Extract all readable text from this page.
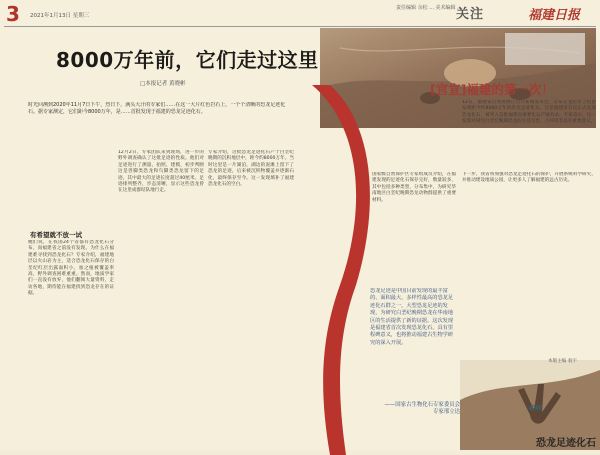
3 2021年1月13日 星期三
责任编辑 余松 ... 美术编辑 ...
关注	福建日报
8000万年前，它们走过这里
□本报记者 黄晓彬
时光回溯到2020年11月7日下午，烈日下，满头大汗的专家们……在这一大片红色岩石上，一个个清晰的恐龙足迹化石。据专家测定，它们距今8000万年，是……首批发现于福建的恐龙足迹化石。
有希望就不放一试
她们说，在我国24个省都有恐龙化石分布，而福建省之前没有发现。为什么在福建难寻找到恐龙化石？专家介绍，福建地层以火山岩为主，适合恐龙化石保存的白垩纪红层出露面积小，加之植被覆盖率高，野外调查困难重重。然而，地质学家们一直没有放弃，他们翻阅大量资料，走访各地，期待能在福建找到恐龙存在的证据。
12月2日，专家团队来到现场，进一步的野外调查确认了这批足迹的性质。他们对足迹进行了测量、拍照、建模，初步判断这是兽脚类恐龙和鸟脚类恐龙留下的足迹，其中最大的足迹长度超过40厘米。足迹排列整齐，步态清晰，显示这些恐龙曾在这里成群结队地行走。
专家介绍，这批恐龙足迹化石产于白垩纪晚期的沉积地层中，距今约8000万年。当时这里是一片湖泊，湖边的泥滩上留下了恐龙的足迹，后来被沉积物覆盖并逐渐石化，最终保存至今。这一发现填补了福建恐龙化石的空白。
[官宣]福建的第一次！
12日，福建省自然资源厅召开新闻发布会，宣布在龙岩市上杭县发现距今约8000万年的恐龙足迹化石。这是福建省首次正式发现恐龙化石，被列入首批福建省重要化石产地名录。专家表示，这一发现对研究白垩纪晚期恐龙的生活习性、古环境等具有重要意义。
国家级自然保护区专家组成员介绍，在福建发现的足迹化石保存完好，数量较多，其中包括多种类型，分布集中，为研究华南地区白垩纪晚期恐龙动物群提供了重要材料。
下一步，我省将加强对恐龙足迹化石的保护，开展系统科学研究，并推动建设地质公园，让更多人了解福建的远古历史。
恐龙足迹是中国目前发现的最丰富的、面积最大、多样性最高的恐龙足迹化石群之一。大型恐龙足迹的发现，为研究白垩纪晚期恐龙在华南地区的生活提供了新的证据。这次发现是福建省首次发现恐龙化石，具有里程碑意义，也将推动福建古生物学研究的深入开展。
——国家古生物化石专家委员会专家邢立达
本版主编 翁宇
名词
恐龙足迹化石
